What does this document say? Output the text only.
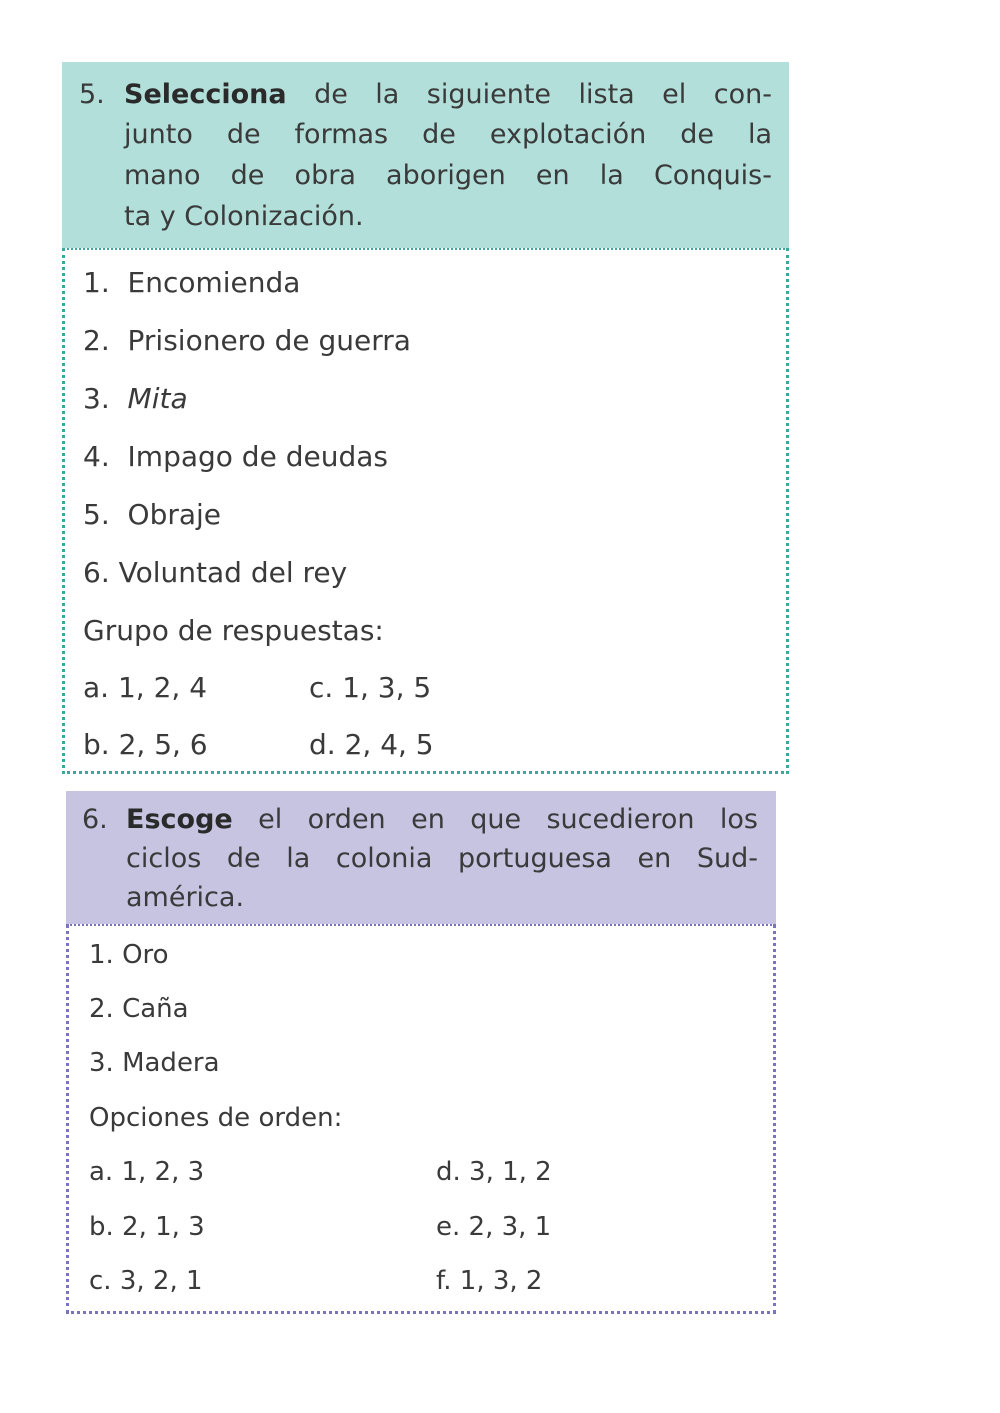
5. Selecciona de la siguiente lista el con-
junto de formas de explotación de la
mano de obra aborigen en la Conquis-
ta y Colonización.
1. Encomienda
2. Prisionero de guerra
3. Mita
4. Impago de deudas
5. Obraje
6. Voluntad del rey
Grupo de respuestas:
a. 1, 2, 4	c. 1, 3, 5
b. 2, 5, 6	d. 2, 4, 5
6. Escoge el orden en que sucedieron los
ciclos de la colonia portuguesa en Sud-
américa.
1. Oro
2. Caña
3. Madera
Opciones de orden:
a. 1, 2, 3	d. 3, 1, 2
b. 2, 1, 3	e. 2, 3, 1
c. 3, 2, 1	f. 1, 3, 2
